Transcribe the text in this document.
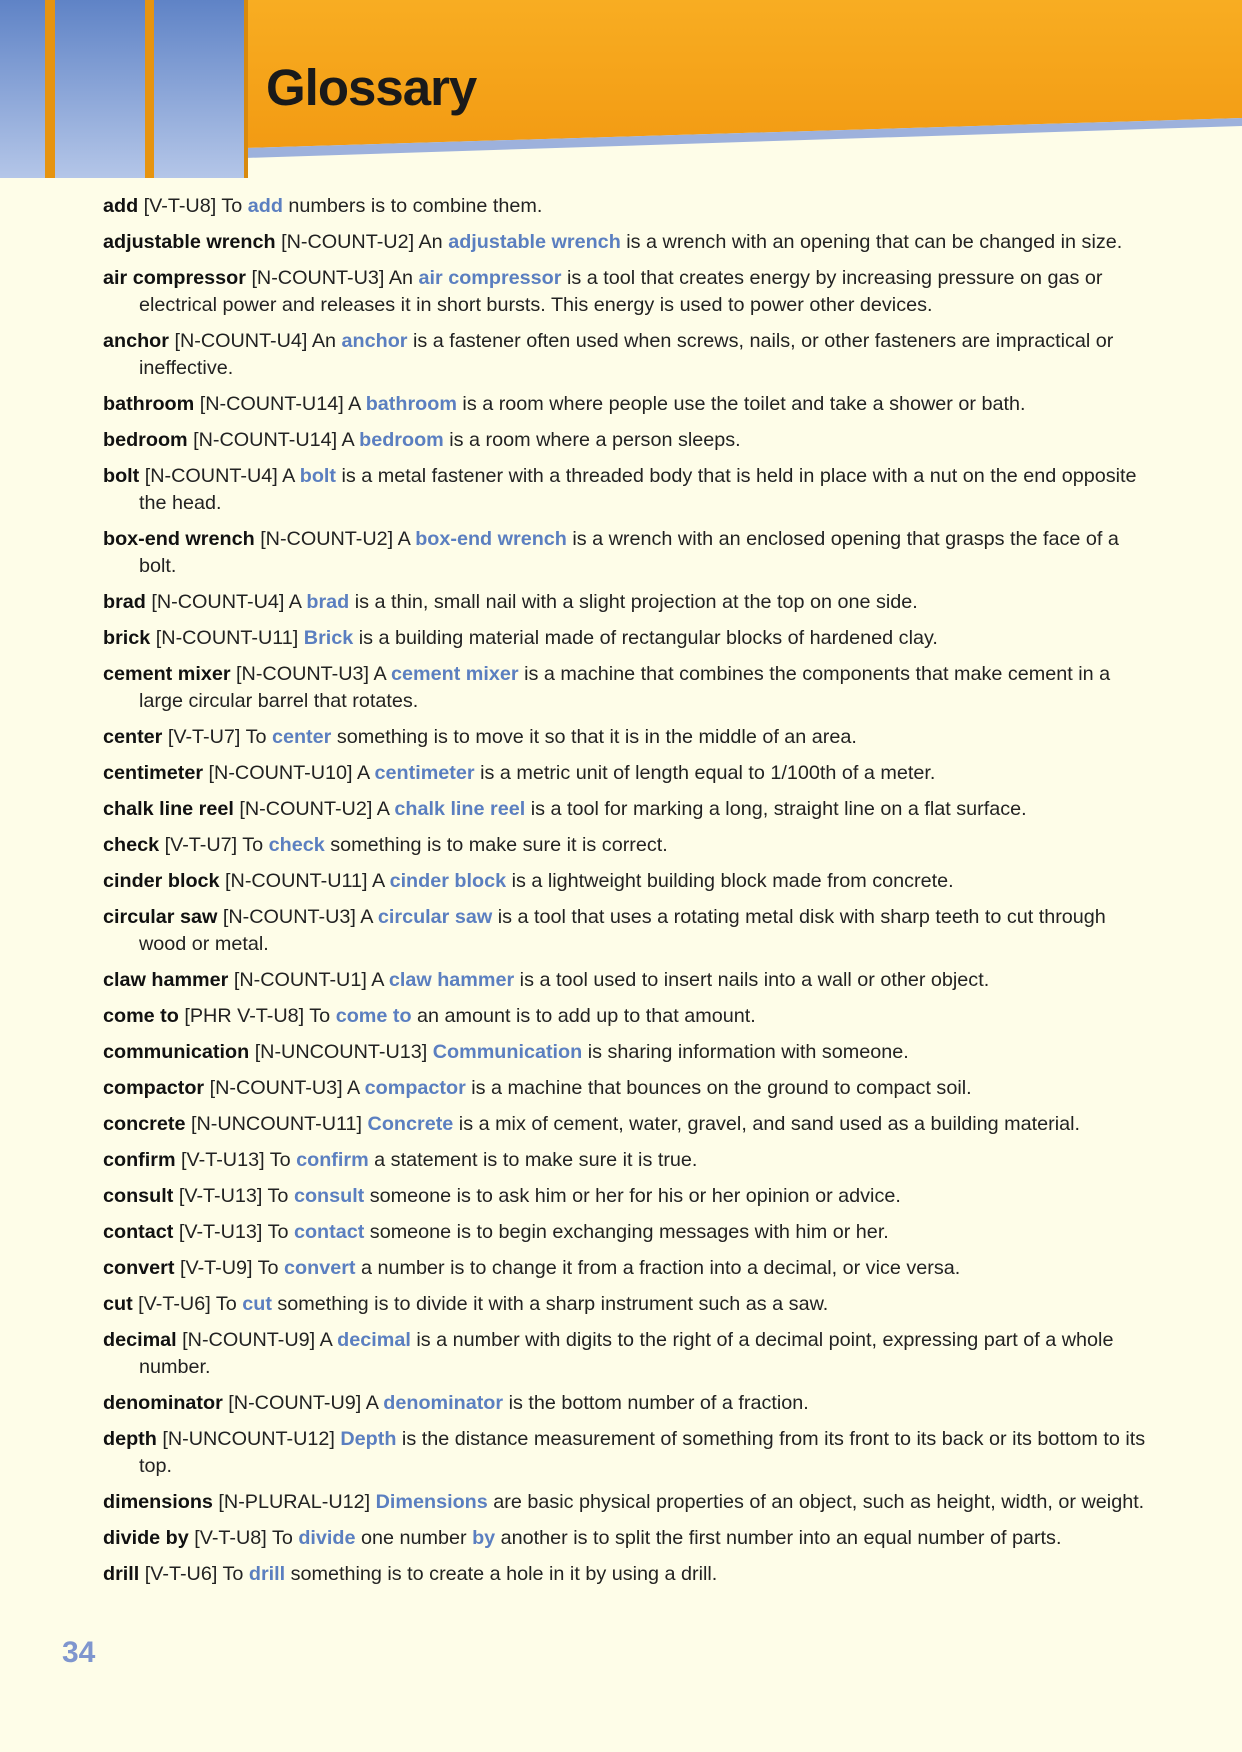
Glossary

add [V-T-U8] To add numbers is to combine them.

adjustable wrench [N-COUNT-U2] An adjustable wrench is a wrench with an opening that can be changed in size.

air compressor [N-COUNT-U3] An air compressor is a tool that creates energy by increasing pressure on gas or electrical power and releases it in short bursts. This energy is used to power other devices.

anchor [N-COUNT-U4] An anchor is a fastener often used when screws, nails, or other fasteners are impractical or ineffective.

bathroom [N-COUNT-U14] A bathroom is a room where people use the toilet and take a shower or bath.

bedroom [N-COUNT-U14] A bedroom is a room where a person sleeps.

bolt [N-COUNT-U4] A bolt is a metal fastener with a threaded body that is held in place with a nut on the end opposite the head.

box-end wrench [N-COUNT-U2] A box-end wrench is a wrench with an enclosed opening that grasps the face of a bolt.

brad [N-COUNT-U4] A brad is a thin, small nail with a slight projection at the top on one side.

brick [N-COUNT-U11] Brick is a building material made of rectangular blocks of hardened clay.

cement mixer [N-COUNT-U3] A cement mixer is a machine that combines the components that make cement in a large circular barrel that rotates.

center [V-T-U7] To center something is to move it so that it is in the middle of an area.

centimeter [N-COUNT-U10] A centimeter is a metric unit of length equal to 1/100th of a meter.

chalk line reel [N-COUNT-U2] A chalk line reel is a tool for marking a long, straight line on a flat surface.

check [V-T-U7] To check something is to make sure it is correct.

cinder block [N-COUNT-U11] A cinder block is a lightweight building block made from concrete.

circular saw [N-COUNT-U3] A circular saw is a tool that uses a rotating metal disk with sharp teeth to cut through wood or metal.

claw hammer [N-COUNT-U1] A claw hammer is a tool used to insert nails into a wall or other object.

come to [PHR V-T-U8] To come to an amount is to add up to that amount.

communication [N-UNCOUNT-U13] Communication is sharing information with someone.

compactor [N-COUNT-U3] A compactor is a machine that bounces on the ground to compact soil.

concrete [N-UNCOUNT-U11] Concrete is a mix of cement, water, gravel, and sand used as a building material.

confirm [V-T-U13] To confirm a statement is to make sure it is true.

consult [V-T-U13] To consult someone is to ask him or her for his or her opinion or advice.

contact [V-T-U13] To contact someone is to begin exchanging messages with him or her.

convert [V-T-U9] To convert a number is to change it from a fraction into a decimal, or vice versa.

cut [V-T-U6] To cut something is to divide it with a sharp instrument such as a saw.

decimal [N-COUNT-U9] A decimal is a number with digits to the right of a decimal point, expressing part of a whole number.

denominator [N-COUNT-U9] A denominator is the bottom number of a fraction.

depth [N-UNCOUNT-U12] Depth is the distance measurement of something from its front to its back or its bottom to its top.

dimensions [N-PLURAL-U12] Dimensions are basic physical properties of an object, such as height, width, or weight.

divide by [V-T-U8] To divide one number by another is to split the first number into an equal number of parts.

drill [V-T-U6] To drill something is to create a hole in it by using a drill.

34
